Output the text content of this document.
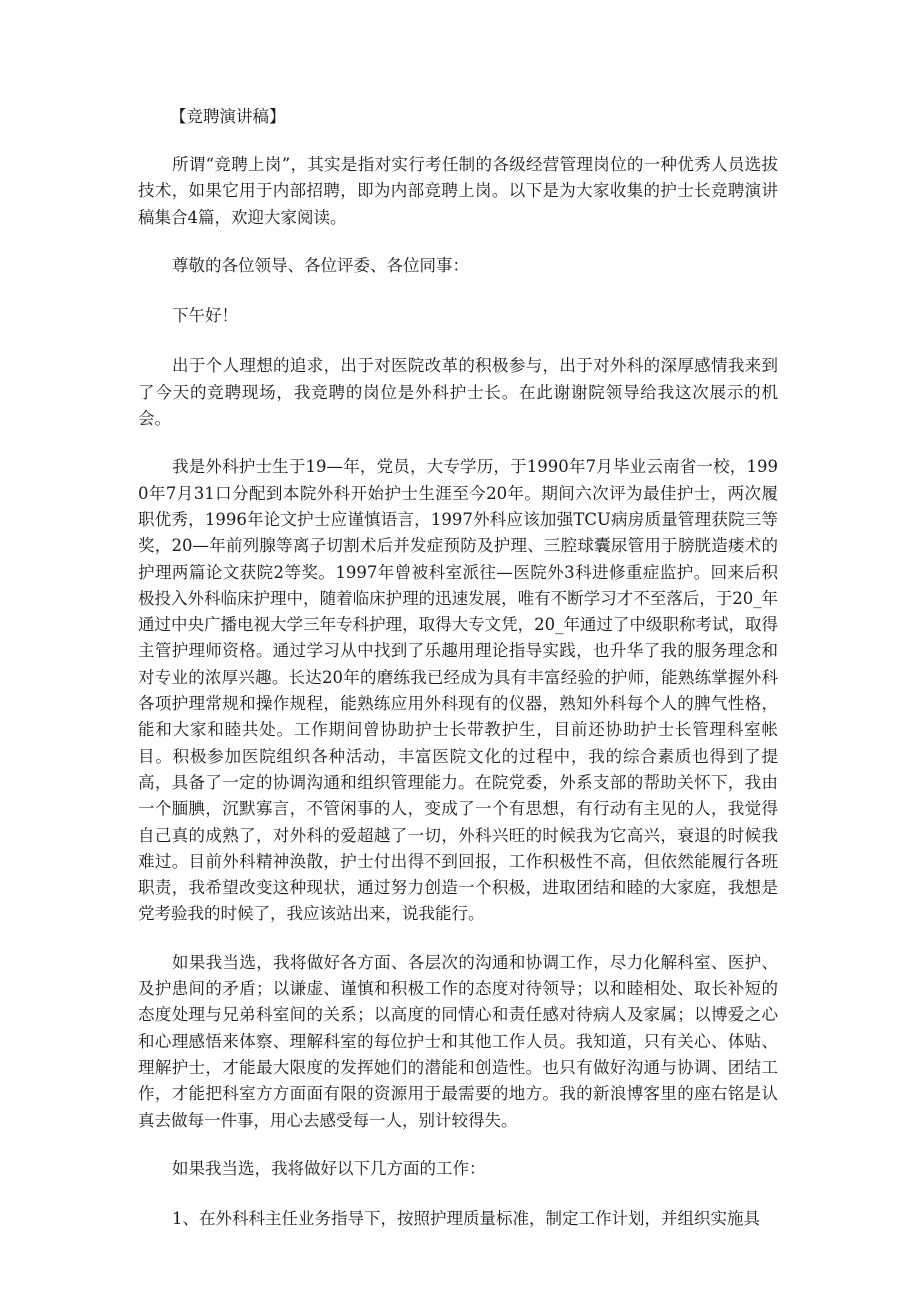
【竞聘演讲稿】

所谓“竞聘上岗”，其实是指对实行考任制的各级经营管理岗位的一种优秀人员选拔技术，如果它用于内部招聘，即为内部竞聘上岗。以下是为大家收集的护士长竞聘演讲稿集合4篇，欢迎大家阅读。

尊敬的各位领导、各位评委、各位同事：

下午好！

出于个人理想的追求，出于对医院改革的积极参与，出于对外科的深厚感情我来到了今天的竞聘现场，我竞聘的岗位是外科护士长。在此谢谢院领导给我这次展示的机会。

我是外科护士生于19—年，党员，大专学历，于1990年7月毕业云南省一校，1990年7月31口分配到本院外科开始护士生涯至今20年。期间六次评为最佳护士，两次履职优秀，1996年论文护士应谨慎语言，1997外科应该加强TCU病房质量管理获院三等奖，20—年前列腺等离子切割术后并发症预防及护理、三腔球囊尿管用于膀胱造瘘术的护理两篇论文获院2等奖。1997年曾被科室派往—医院外3科进修重症监护。回来后积极投入外科临床护理中，随着临床护理的迅速发展，唯有不断学习才不至落后，于20_年通过中央广播电视大学三年专科护理，取得大专文凭，20_年通过了中级职称考试，取得主管护理师资格。通过学习从中找到了乐趣用理论指导实践，也升华了我的服务理念和对专业的浓厚兴趣。长达20年的磨练我已经成为具有丰富经验的护师，能熟练掌握外科各项护理常规和操作规程，能熟练应用外科现有的仪器，熟知外科每个人的脾气性格，能和大家和睦共处。工作期间曾协助护士长带教护生，目前还协助护士长管理科室帐目。积极参加医院组织各种活动，丰富医院文化的过程中，我的综合素质也得到了提高，具备了一定的协调沟通和组织管理能力。在院党委，外系支部的帮助关怀下，我由一个腼腆，沉默寡言，不管闲事的人，变成了一个有思想，有行动有主见的人，我觉得自己真的成熟了，对外科的爱超越了一切，外科兴旺的时候我为它高兴，衰退的时候我难过。目前外科精神涣散，护士付出得不到回报，工作积极性不高，但依然能履行各班职责，我希望改变这种现状，通过努力创造一个积极，进取团结和睦的大家庭，我想是党考验我的时候了，我应该站出来，说我能行。

如果我当选，我将做好各方面、各层次的沟通和协调工作，尽力化解科室、医护、及护患间的矛盾；以谦虚、谨慎和积极工作的态度对待领导；以和睦相处、取长补短的态度处理与兄弟科室间的关系；以高度的同情心和责任感对待病人及家属；以博爱之心和心理感悟来体察、理解科室的每位护士和其他工作人员。我知道，只有关心、体贴、理解护士，才能最大限度的发挥她们的潜能和创造性。也只有做好沟通与协调、团结工作，才能把科室方方面面有限的资源用于最需要的地方。我的新浪博客里的座右铭是认真去做每一件事，用心去感受每一人，别计较得失。

如果我当选，我将做好以下几方面的工作：

1、在外科科主任业务指导下，按照护理质量标准，制定工作计划，并组织实施具
